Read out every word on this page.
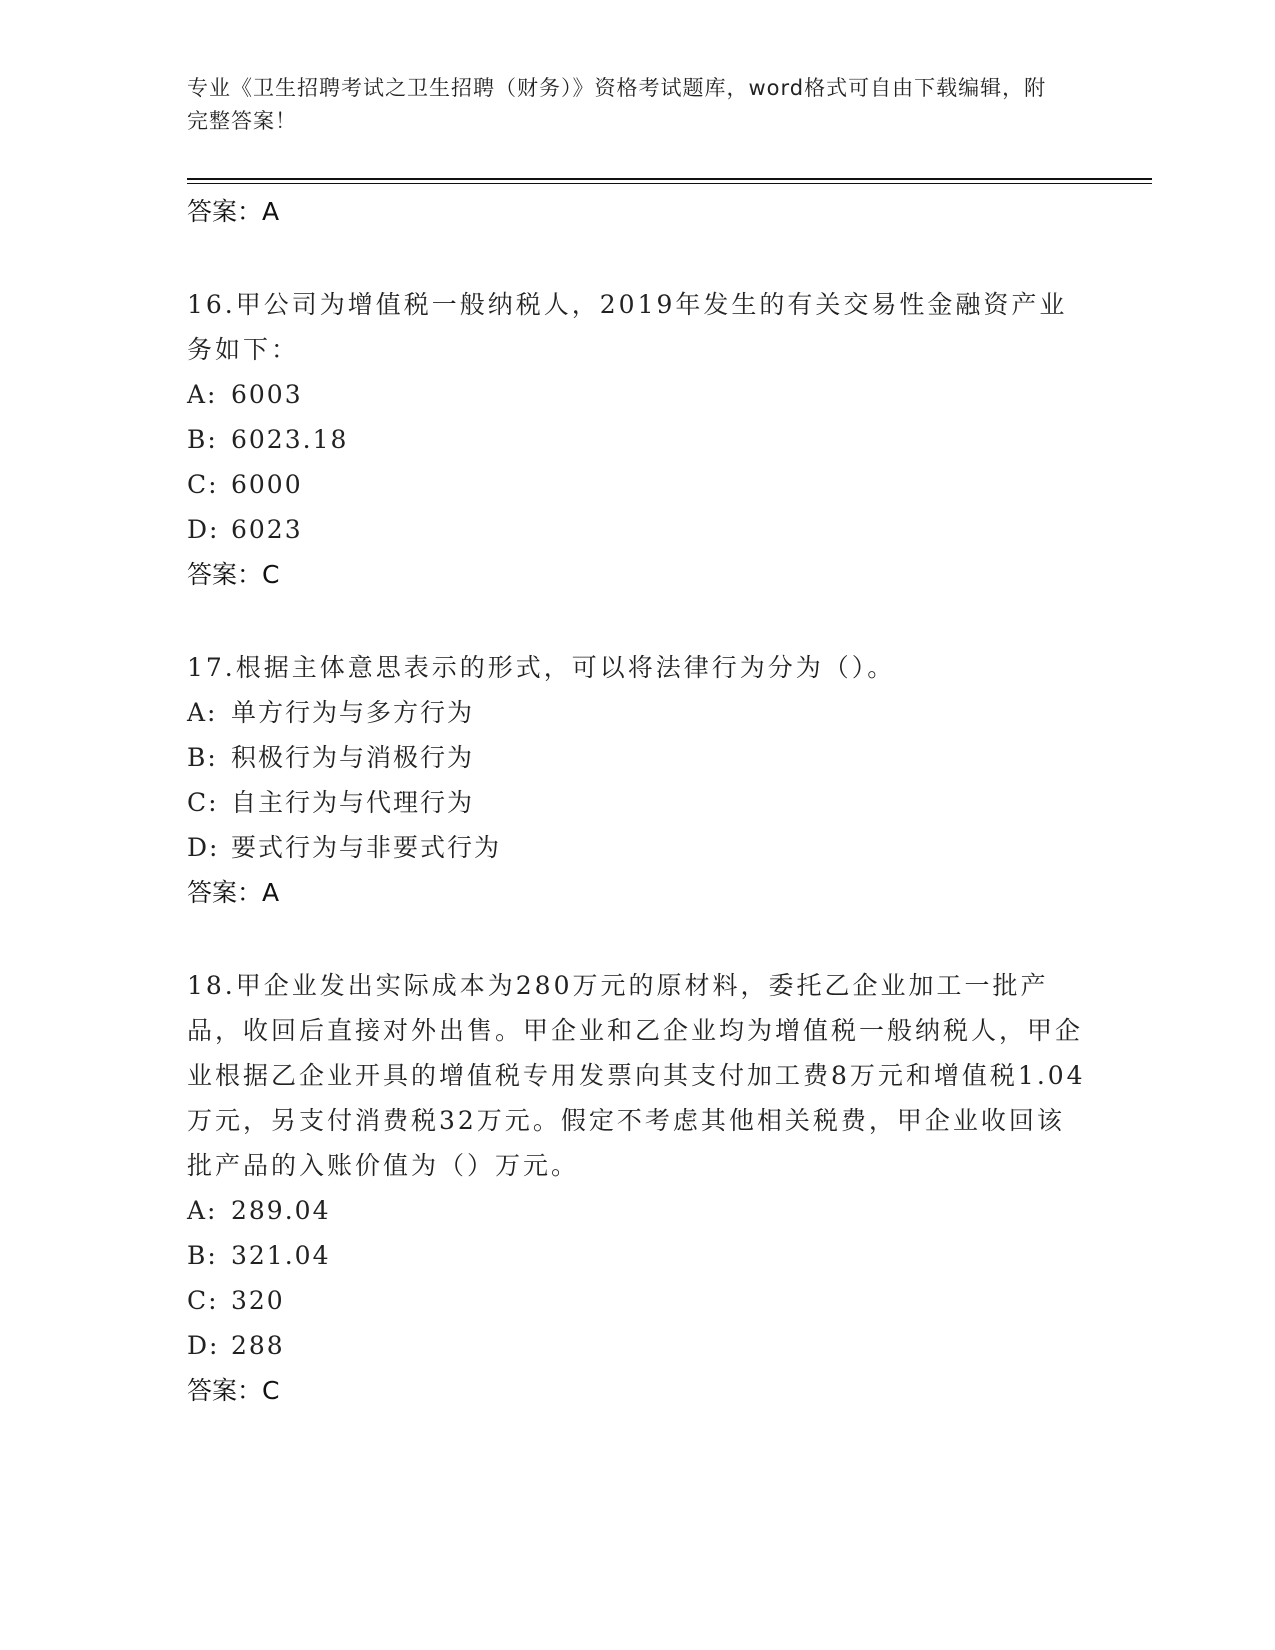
专业《卫生招聘考试之卫生招聘（财务）》资格考试题库，word格式可自由下载编辑，附完整答案！
答案：A
16.甲公司为增值税一般纳税人，2019年发生的有关交易性金融资产业务如下：
A: 6003
B: 6023.18
C: 6000
D: 6023
答案：C
17.根据主体意思表示的形式，可以将法律行为分为（）。
A: 单方行为与多方行为
B: 积极行为与消极行为
C: 自主行为与代理行为
D: 要式行为与非要式行为
答案：A
18.甲企业发出实际成本为280万元的原材料，委托乙企业加工一批产品，收回后直接对外出售。甲企业和乙企业均为增值税一般纳税人，甲企业根据乙企业开具的增值税专用发票向其支付加工费8万元和增值税1.04万元，另支付消费税32万元。假定不考虑其他相关税费，甲企业收回该批产品的入账价值为（）万元。
A: 289.04
B: 321.04
C: 320
D: 288
答案：C
